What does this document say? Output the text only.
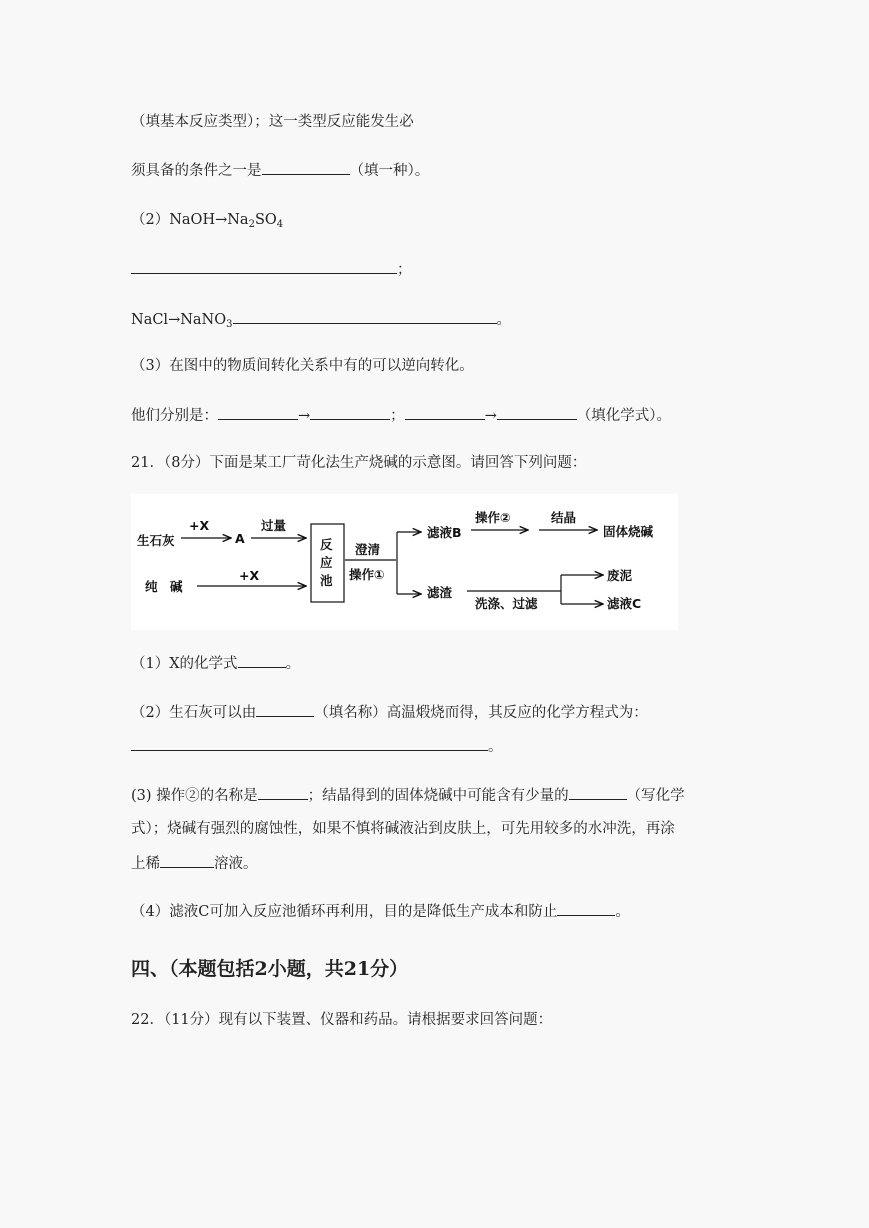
（填基本反应类型）；这一类型反应能发生必
须具备的条件之一是	（填一种）。
$(2)NaOH\to Na_2SO_4$
；
NaCl→NaNO$_3$	。
（3）在图中的物质间转化关系中有的可以逆向转化。
他们分别是：	→	；	→	（填化学式）。
21．（8分）下面是某工厂苛化法生产烧碱的示意图。请回答下列问题：
生石灰
+X
A
过量
反
应
池
纯　碱
+X
澄清
操作①
滤液B
操作②	结晶
固体烧碱
滤渣
洗涤、过滤
废泥
滤液C
（1）X的化学式	。
（2）生石灰可以由	（填名称）高温煅烧而得，其反应的化学方程式为：
。
(3) 操作②的名称是	；结晶得到的固体烧碱中可能含有少量的	（写化学
式）；烧碱有强烈的腐蚀性，如果不慎将碱液沾到皮肤上，可先用较多的水冲洗，再涂
上稀	溶液。
（4）滤液C可加入反应池循环再利用，目的是降低生产成本和防止	。
四、（本题包括2小题，共21分）
22．（11分）现有以下装置、仪器和药品。请根据要求回答问题：
